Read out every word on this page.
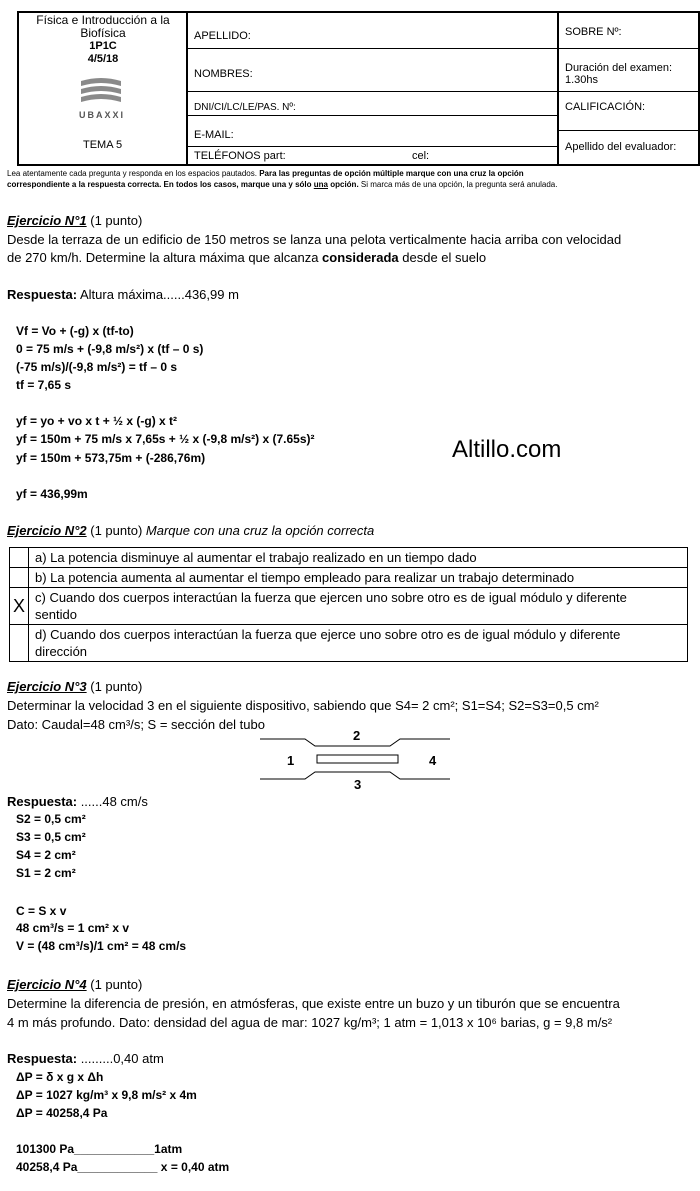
Física e Introducción a la
Biofísica
1P1C
4/5/18
UBAXXI
TEMA 5
APELLIDO:
NOMBRES:
DNI/CI/LC/LE/PAS. Nº:
E-MAIL:
TELÉFONOS part:	cel:
SOBRE Nº:
Duración del examen:
1.30hs
CALIFICACIÓN:
Apellido del evaluador:
Lea atentamente cada pregunta y responda en los espacios pautados. Para las preguntas de opción múltiple marque con una cruz la opción
correspondiente a la respuesta correcta. En todos los casos, marque una y sólo una opción. Si marca más de una opción, la pregunta será anulada.
Ejercicio N°1 (1 punto)
Desde la terraza de un edificio de 150 metros se lanza una pelota verticalmente hacia arriba con velocidad
de 270 km/h. Determine la altura máxima que alcanza considerada desde el suelo
Respuesta: Altura máxima......436,99 m
Vf = Vo + (-g) x (tf-to)
0 = 75 m/s + (-9,8 m/s²) x (tf – 0 s)
(-75 m/s)/(-9,8 m/s²) = tf – 0 s
tf = 7,65 s
yf = yo + vo x t + ½ x (-g) x t²
yf = 150m + 75 m/s x 7,65s + ½ x (-9,8 m/s²) x (7.65s)²
yf = 150m + 573,75m + (-286,76m)
yf = 436,99m
Altillo.com
Ejercicio N°2 (1 punto) Marque con una cruz la opción correcta
	a) La potencia disminuye al aumentar el trabajo realizado en un tiempo dado
	b) La potencia aumenta al aumentar el tiempo empleado para realizar un trabajo determinado
X	c) Cuando dos cuerpos interactúan la fuerza que ejercen uno sobre otro es de igual módulo y diferente
sentido

	d) Cuando dos cuerpos interactúan la fuerza que ejerce uno sobre otro es de igual módulo y diferente
dirección
Ejercicio N°3 (1 punto)
Determinar la velocidad 3 en el siguiente dispositivo, sabiendo que S4= 2 cm²; S1=S4; S2=S3=0,5 cm²
Dato: Caudal=48 cm³/s; S = sección del tubo
2
1	4
3
Respuesta: ......48 cm/s
S2 = 0,5 cm²
S3 = 0,5 cm²
S4 = 2 cm²
S1 = 2 cm²
C = S x v
48 cm³/s = 1 cm² x v
V = (48 cm³/s)/1 cm² = 48 cm/s
Ejercicio N°4 (1 punto)
Determine la diferencia de presión, en atmósferas, que existe entre un buzo y un tiburón que se encuentra
4 m más profundo. Dato: densidad del agua de mar: 1027 kg/m³; 1 atm = 1,013 x 10⁶ barias, g = 9,8 m/s²
Respuesta: .........0,40 atm
ΔP = δ x g x Δh
ΔP = 1027 kg/m³ x 9,8 m/s² x 4m
ΔP = 40258,4 Pa
101300 Pa____________1atm
40258,4 Pa____________ x = 0,40 atm
